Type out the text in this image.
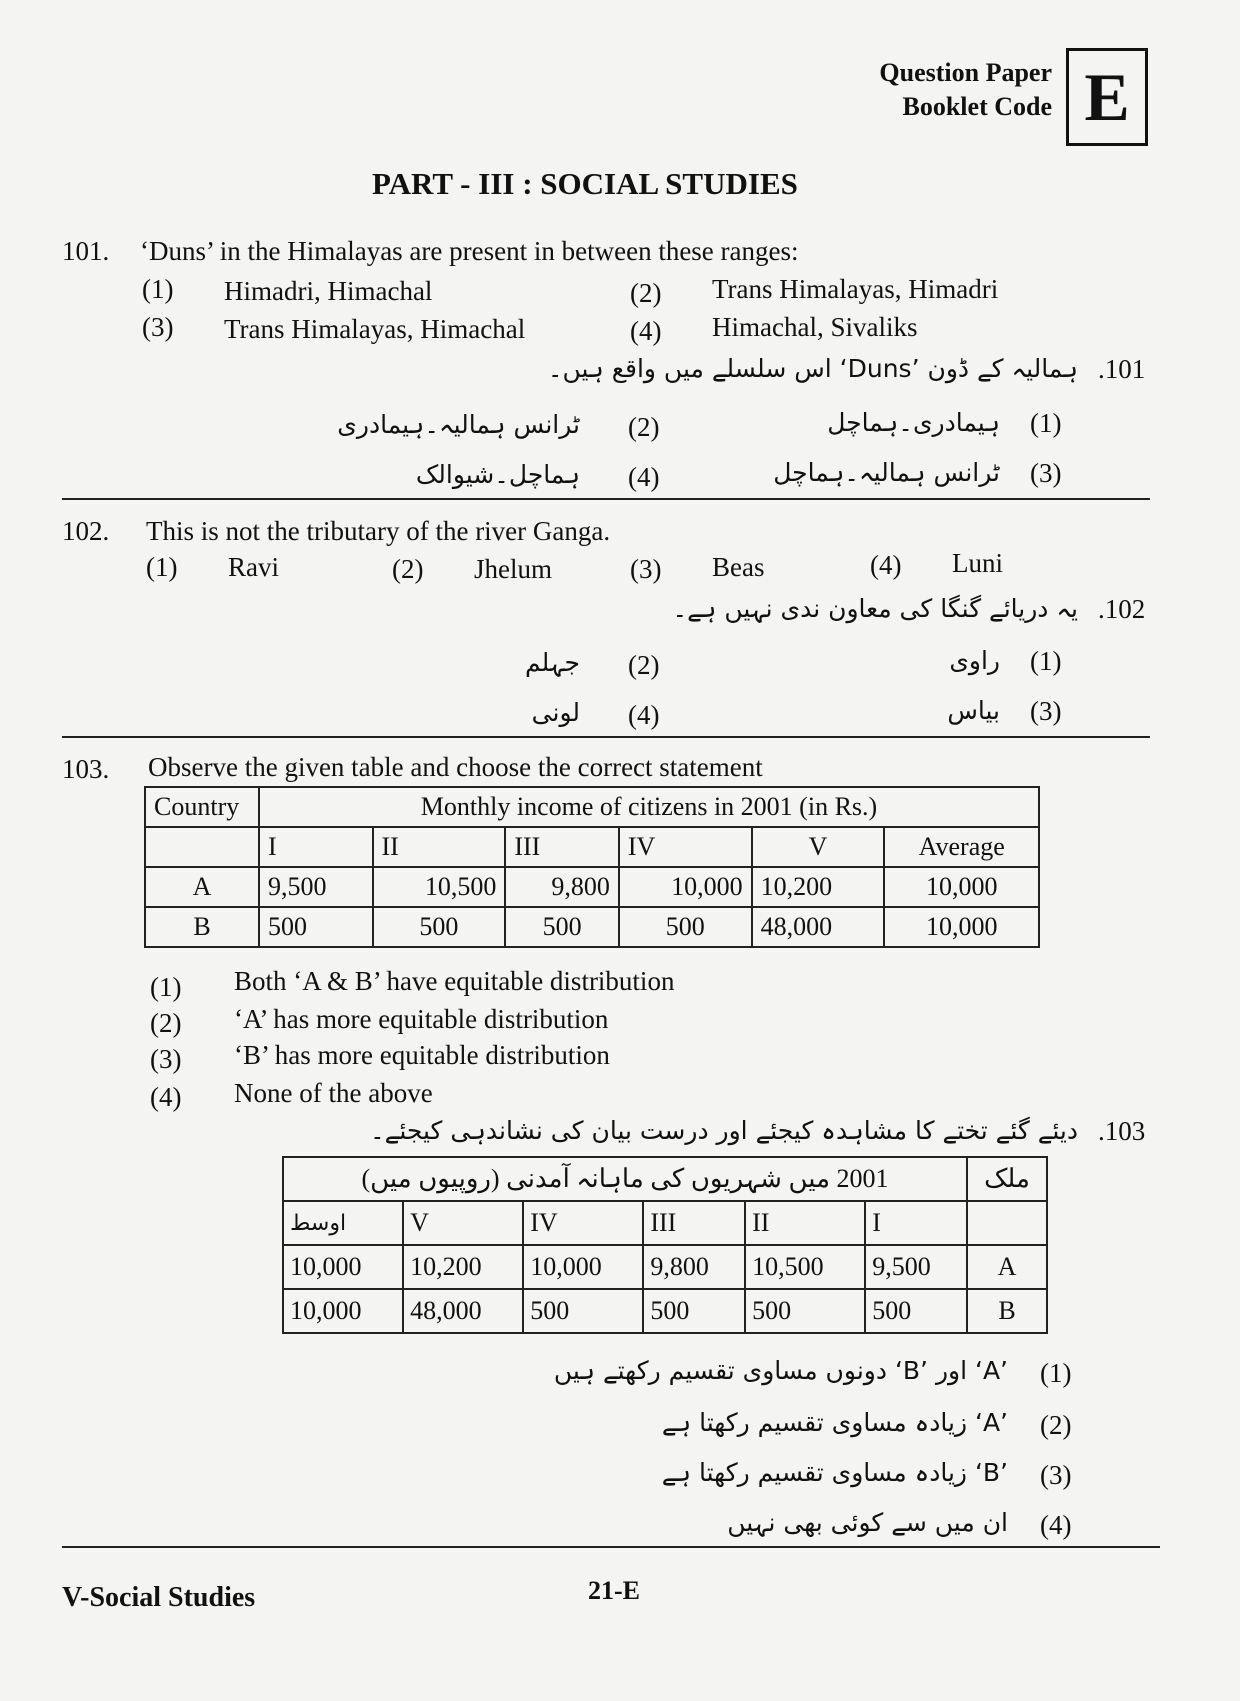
Question Paper
Booklet Code E
PART - III : SOCIAL STUDIES
101. ‘Duns’ in the Himalayas are present in between these ranges:
(1) Himadri, Himachal	(2) Trans Himalayas, Himadri
(3) Trans Himalayas, Himachal	(4) Himachal, Sivaliks
.101
ہمالیہ کے ڈون ’Duns‘ اس سلسلے میں واقع ہیں۔
(1)
ہیمادری۔ہماچل
(2)
ٹرانس ہمالیہ۔ہیمادری
(3)
ٹرانس ہمالیہ۔ہماچل
(4)
ہماچل۔شیوالک
102. This is not the tributary of the river Ganga.
(1) Ravi	(2) Jhelum	(3) Beas	(4) Luni
.102
یہ دریائے گنگا کی معاون ندی نہیں ہے۔
(1)
راوی
(2)
جہلم
(3)
بیاس
(4)
لونی
103. Observe the given table and choose the correct statement
Country	Monthly income of citizens in 2001 (in Rs.)					
	I	II	III	IV	V	Average
A	9,500	10,500	9,800	10,000	10,200	10,000
B	500	500	500	500	48,000	10,000
(1) Both ‘A & B’ have equitable distribution
(2) ‘A’ has more equitable distribution
(3) ‘B’ has more equitable distribution
(4) None of the above
.103
دیئے گئے تختے کا مشاہدہ کیجئے اور درست بیان کی نشاندہی کیجئے۔
ملک	2001 میں شہریوں کی ماہانہ آمدنی (روپیوں میں)					
	I	II	III	IV	V	اوسط
A	9,500	10,500	9,800	10,000	10,200	10,000
B	500	500	500	500	48,000	10,000
(1)
’A‘ اور ’B‘ دونوں مساوی تقسیم رکھتے ہیں
(2)
’A‘ زیادہ مساوی تقسیم رکھتا ہے
(3)
’B‘ زیادہ مساوی تقسیم رکھتا ہے
(4)
ان میں سے کوئی بھی نہیں
V-Social Studies	21-E
